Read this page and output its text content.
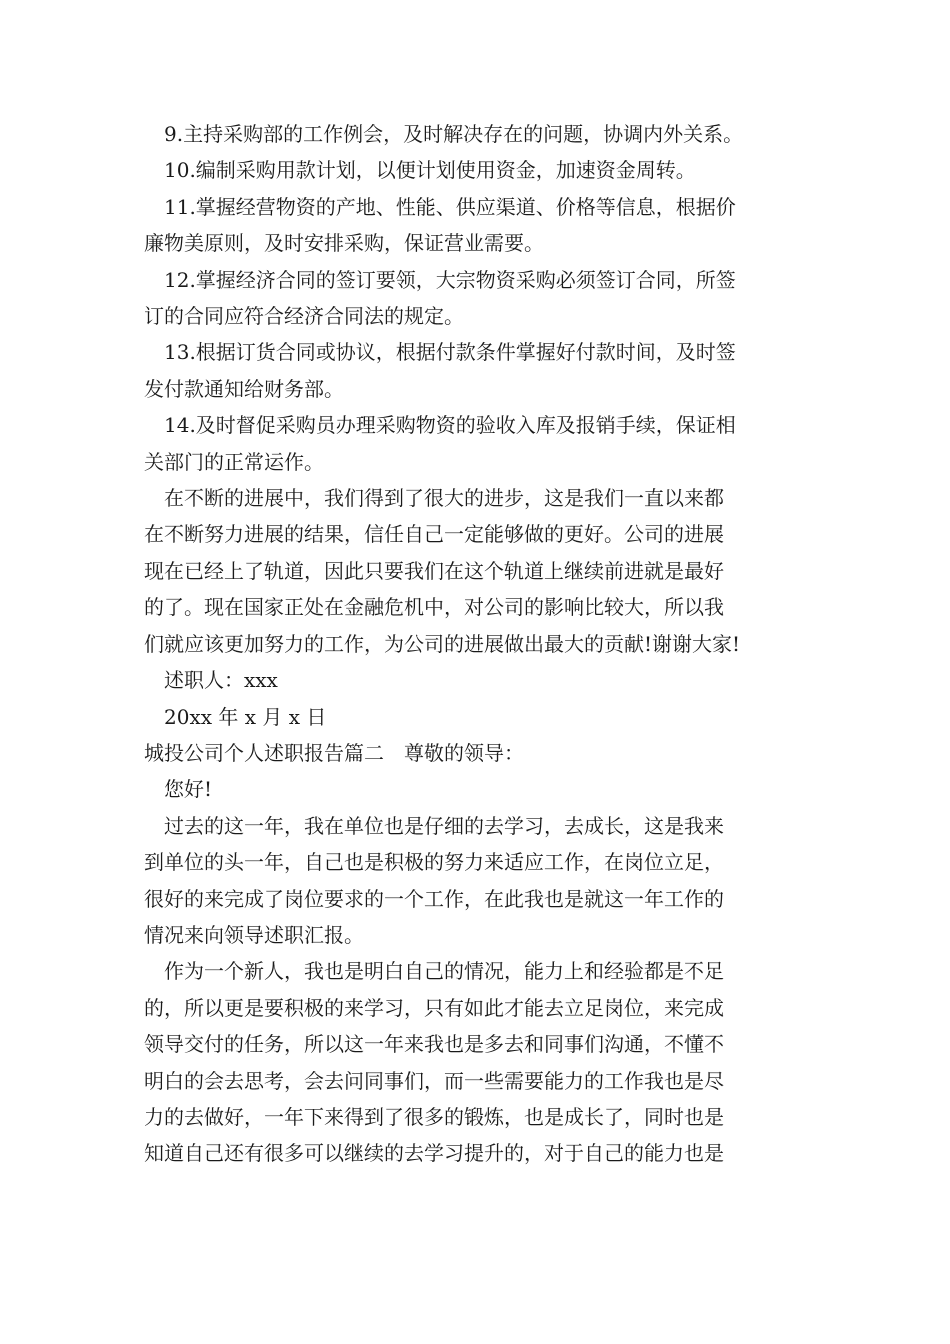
9.主持采购部的工作例会，及时解决存在的问题，协调内外关系。
10.编制采购用款计划，以便计划使用资金，加速资金周转。
11.掌握经营物资的产地、性能、供应渠道、价格等信息，根据价
廉物美原则，及时安排采购，保证营业需要。
12.掌握经济合同的签订要领，大宗物资采购必须签订合同，所签
订的合同应符合经济合同法的规定。
13.根据订货合同或协议，根据付款条件掌握好付款时间，及时签
发付款通知给财务部。
14.及时督促采购员办理采购物资的验收入库及报销手续，保证相
关部门的正常运作。
在不断的进展中，我们得到了很大的进步，这是我们一直以来都
在不断努力进展的结果，信任自己一定能够做的更好。公司的进展
现在已经上了轨道，因此只要我们在这个轨道上继续前进就是最好
的了。现在国家正处在金融危机中，对公司的影响比较大，所以我
们就应该更加努力的工作，为公司的进展做出最大的贡献!谢谢大家!
述职人：xxx
20xx 年 x 月 x 日
城投公司个人述职报告篇二　尊敬的领导：
您好!
过去的这一年，我在单位也是仔细的去学习，去成长，这是我来
到单位的头一年，自己也是积极的努力来适应工作，在岗位立足，
很好的来完成了岗位要求的一个工作，在此我也是就这一年工作的
情况来向领导述职汇报。
作为一个新人，我也是明白自己的情况，能力上和经验都是不足
的，所以更是要积极的来学习，只有如此才能去立足岗位，来完成
领导交付的任务，所以这一年来我也是多去和同事们沟通，不懂不
明白的会去思考，会去问同事们，而一些需要能力的工作我也是尽
力的去做好，一年下来得到了很多的锻炼，也是成长了，同时也是
知道自己还有很多可以继续的去学习提升的，对于自己的能力也是
